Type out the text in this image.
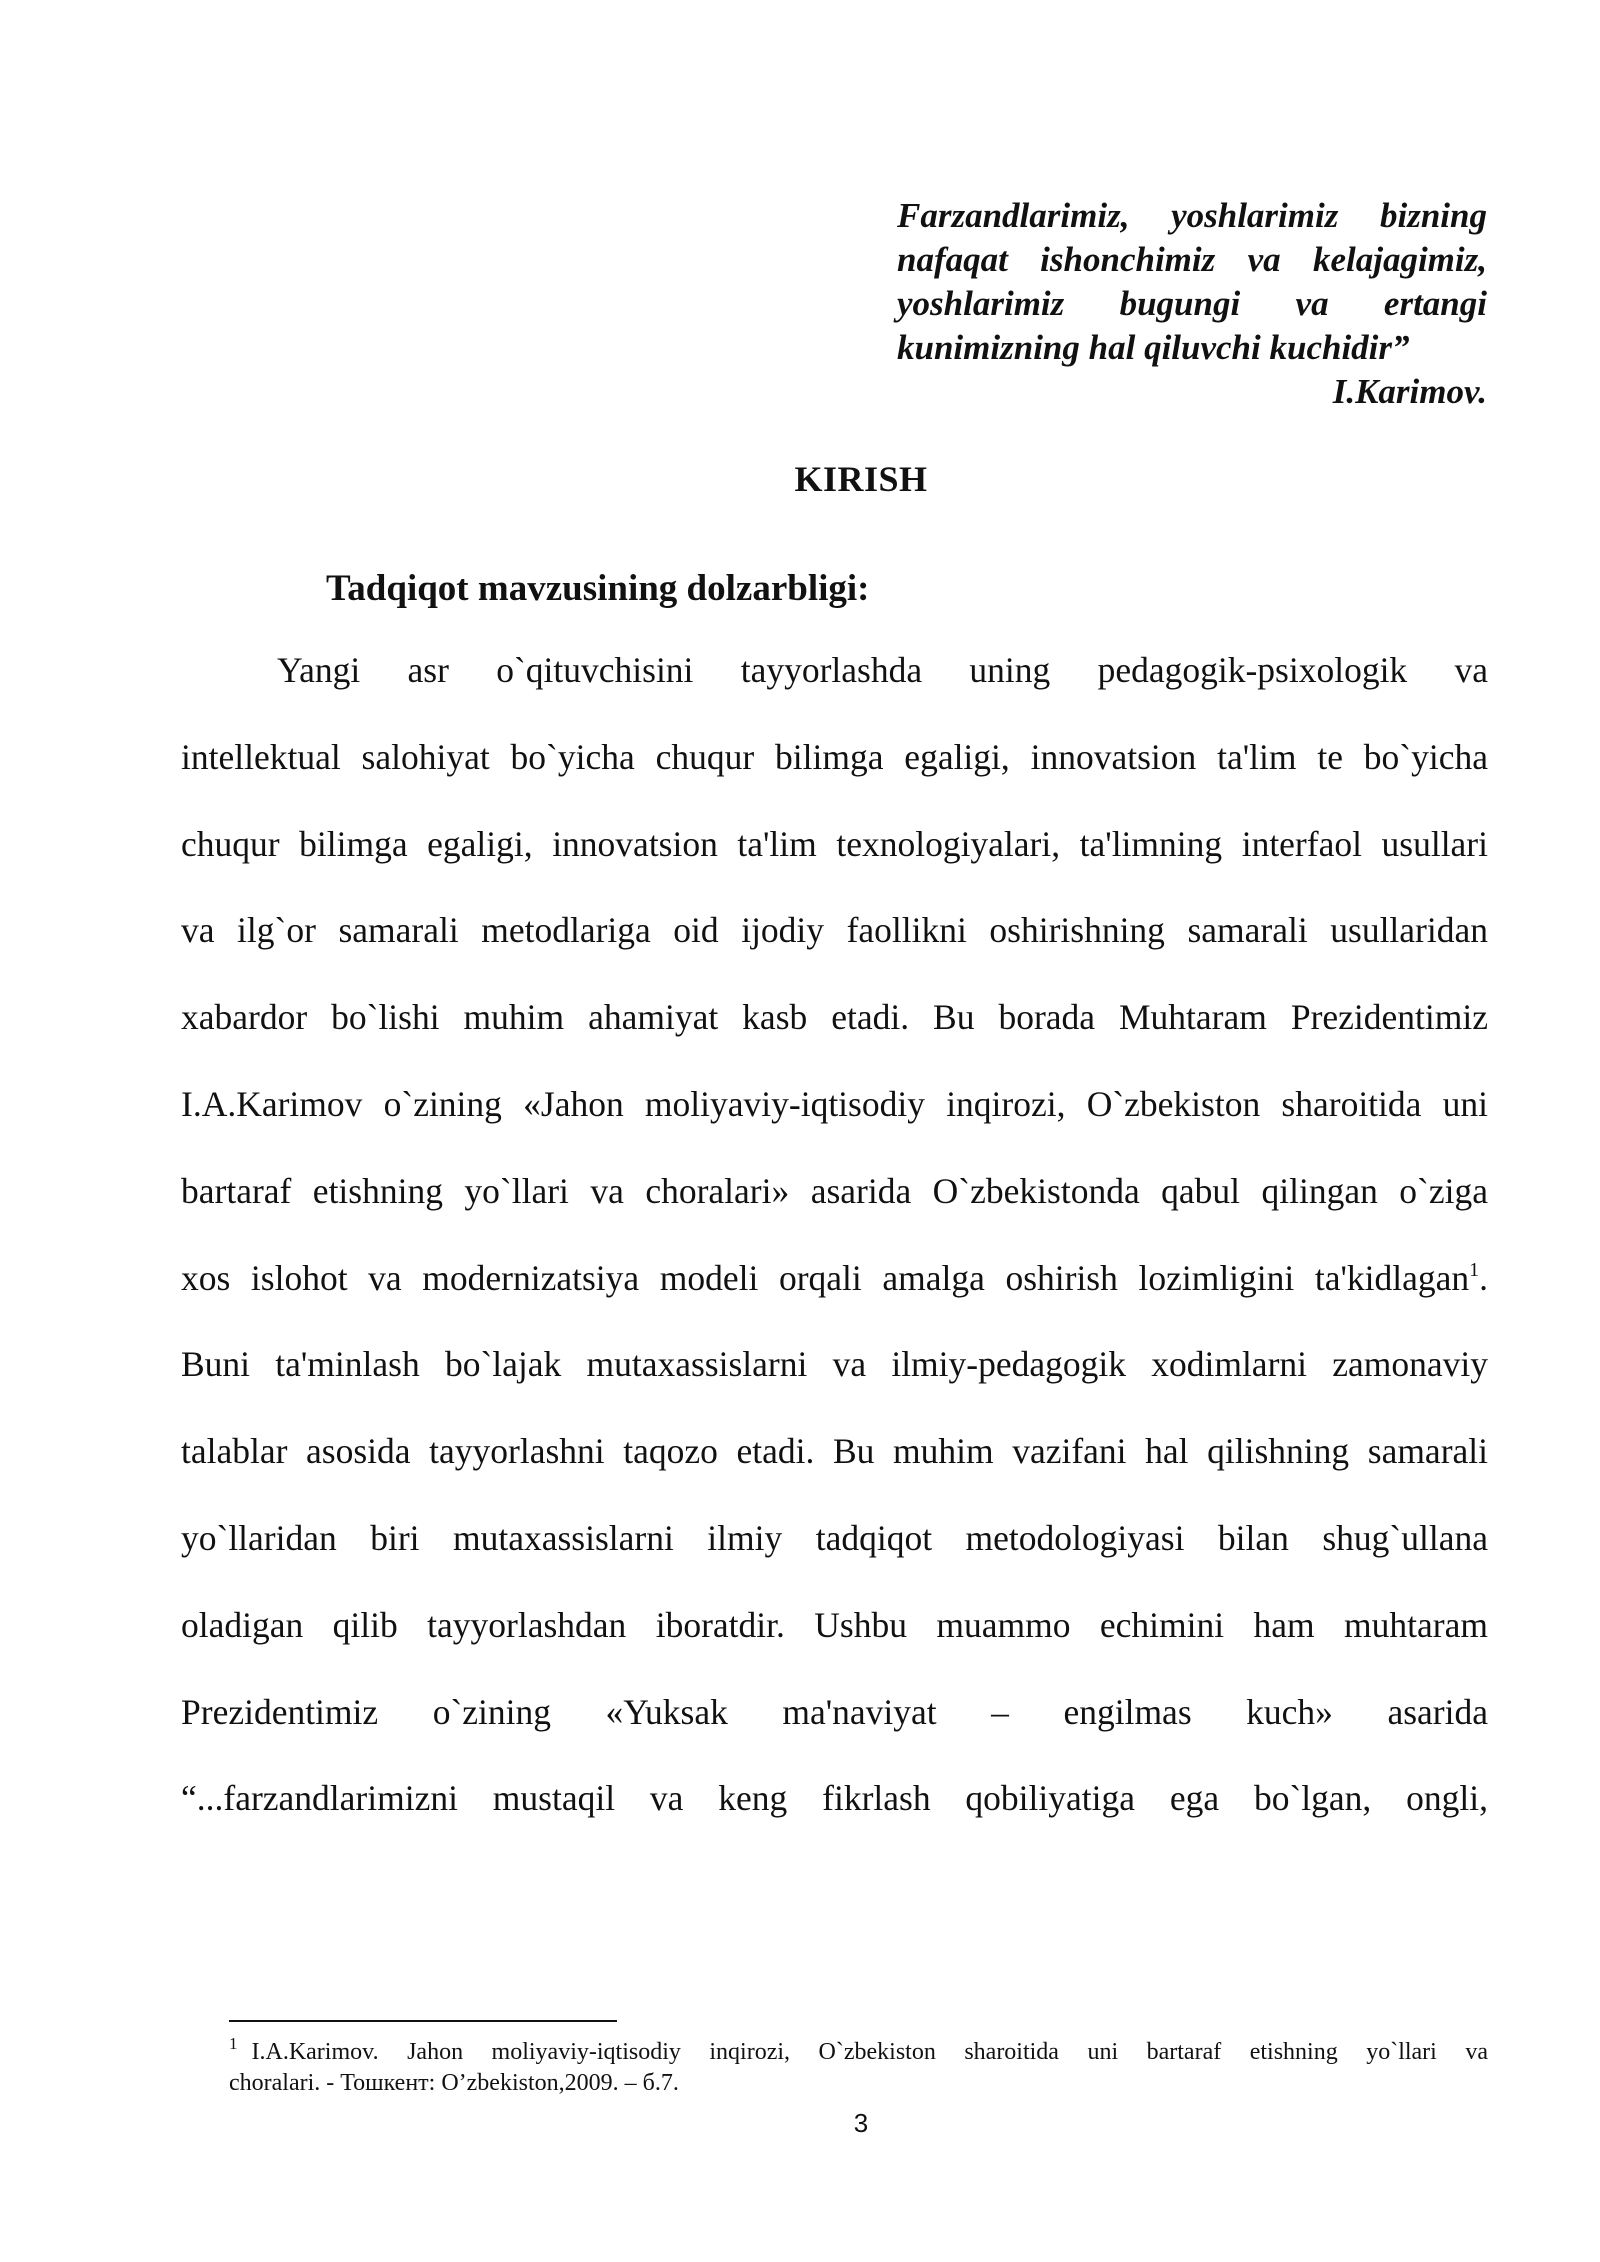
Farzandlarimiz, yoshlarimiz bizning
nafaqat ishonchimiz va kelajagimiz,
yoshlarimiz bugungi va ertangi
kunimizning hal qiluvchi kuchidir”
I.Karimov.
KIRISH
Tadqiqot mavzusining dolzarbligi:
Yangi asr o`qituvchisini tayyorlashda uning pedagogik-psixologik va
intellektual salohiyat bo`yicha chuqur bilimga egaligi, innovatsion ta'lim te bo`yicha
chuqur bilimga egaligi, innovatsion ta'lim texnologiyalari, ta'limning interfaol usullari
va ilg`or samarali metodlariga oid ijodiy faollikni oshirishning samarali usullaridan
xabardor bo`lishi muhim ahamiyat kasb etadi. Bu borada Muhtaram Prezidentimiz
I.A.Karimov o`zining «Jahon moliyaviy-iqtisodiy inqirozi, O`zbekiston sharoitida uni
bartaraf etishning yo`llari va choralari» asarida O`zbekistonda qabul qilingan o`ziga
xos islohot va modernizatsiya modeli orqali amalga oshirish lozimligini ta'kidlagan$^1$.
Buni ta'minlash bo`lajak mutaxassislarni va ilmiy-pedagogik xodimlarni zamonaviy
talablar asosida tayyorlashni taqozo etadi. Bu muhim vazifani hal qilishning samarali
yo`llaridan biri mutaxassislarni ilmiy tadqiqot metodologiyasi bilan shug`ullana
oladigan qilib tayyorlashdan iboratdir. Ushbu muammo echimini ham muhtaram
Prezidentimiz o`zining «Yuksak ma'naviyat – engilmas kuch» asarida
“...farzandlarimizni mustaqil va keng fikrlash qobiliyatiga ega bo`lgan, ongli,
$^1$ I.A.Karimov. Jahon moliyaviy-iqtisodiy inqirozi, O`zbekiston sharoitida uni bartaraf etishning yo`llari va
choralari. - Тошкент: O’zbekiston,2009. – б.7.
3
